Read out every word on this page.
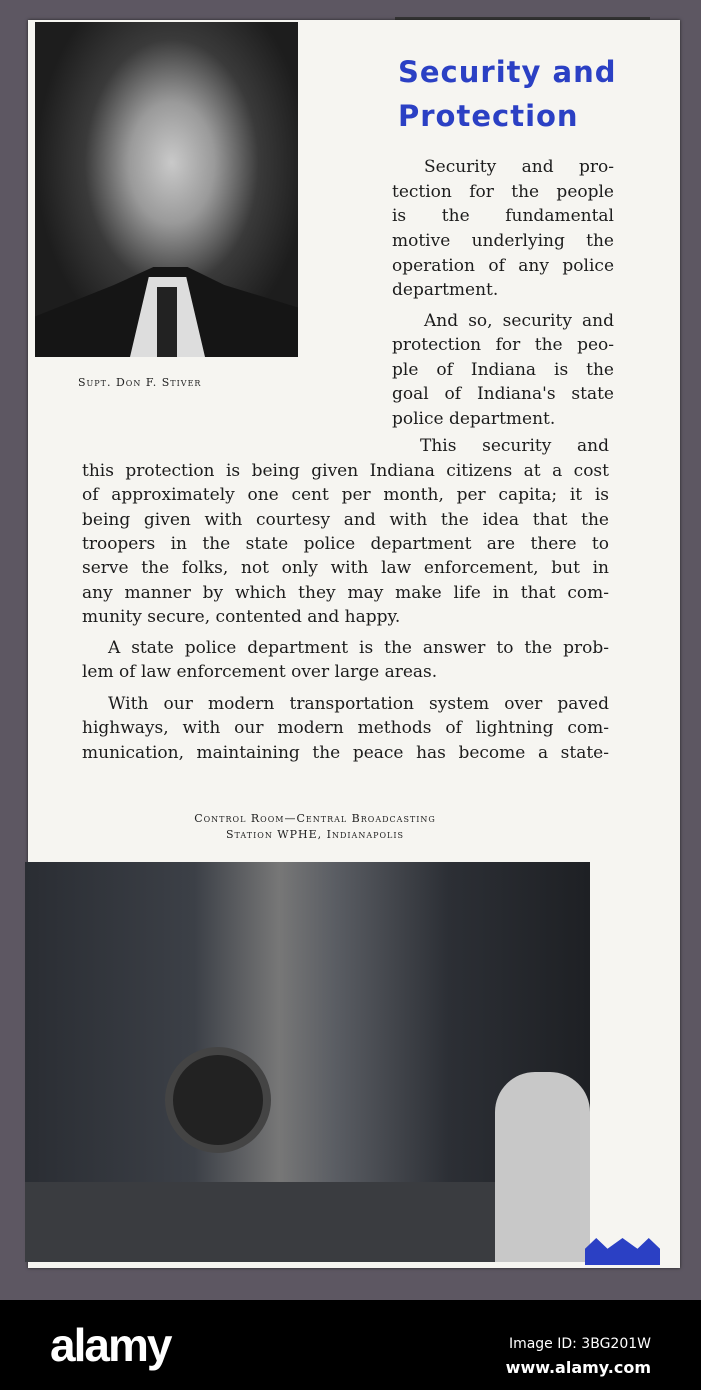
Security and
Protection
Supt. Don F. Stiver
Security and pro-
tection for the people
is the fundamental
motive underlying the
operation of any police
department.
And so, security and
protection for the peo-
ple of Indiana is the
goal of Indiana's state
police department.
This security and
this protection is being given Indiana citizens at a cost
of approximately one cent per month, per capita; it is
being given with courtesy and with the idea that the
troopers in the state police department are there to
serve the folks, not only with law enforcement, but in
any manner by which they may make life in that com-
munity secure, contented and happy.
A state police department is the answer to the prob-
lem of law enforcement over large areas.
With our modern transportation system over paved
highways, with our modern methods of lightning com-
munication, maintaining the peace has become a state-
Control Room—Central Broadcasting
Station WPHE, Indianapolis
alamy	Image ID: 3BG201W
www.alamy.com
